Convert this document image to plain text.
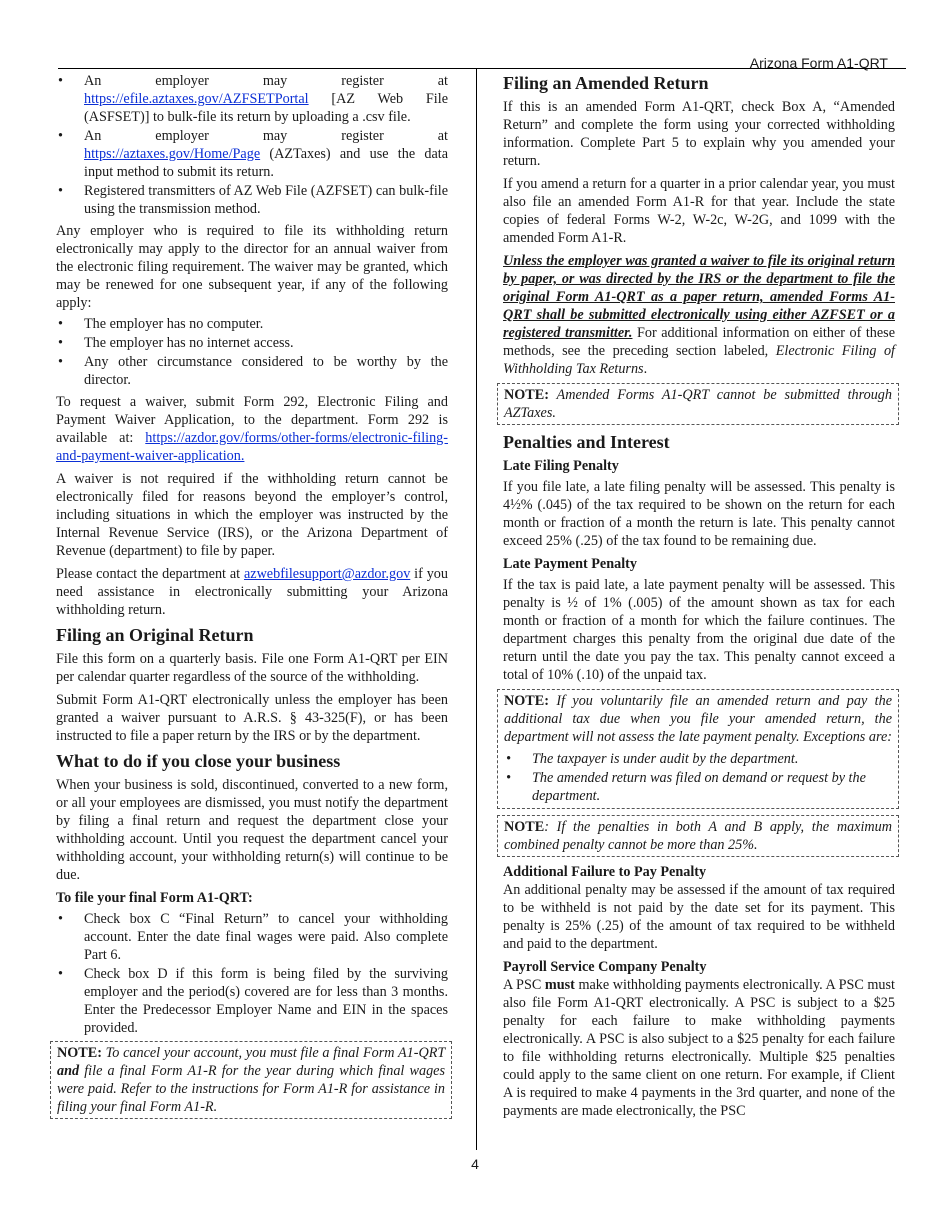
Arizona Form A1-QRT
• An employer may register at https://efile.aztaxes.gov/AZFSETPortal [AZ Web File (ASFSET)] to bulk-file its return by uploading a .csv file.
• An employer may register at https://aztaxes.gov/Home/Page (AZTaxes) and use the data input method to submit its return.
• Registered transmitters of AZ Web File (AZFSET) can bulk-file using the transmission method.

Any employer who is required to file its withholding return electronically may apply to the director for an annual waiver from the electronic filing requirement. The waiver may be granted, which may be renewed for one subsequent year, if any of the following apply:

• The employer has no computer.
• The employer has no internet access.
• Any other circumstance considered to be worthy by the director.

To request a waiver, submit Form 292, Electronic Filing and Payment Waiver Application, to the department. Form 292 is available at: https://azdor.gov/forms/other-forms/electronic-filing-and-payment-waiver-application.

A waiver is not required if the withholding return cannot be electronically filed for reasons beyond the employer’s control, including situations in which the employer was instructed by the Internal Revenue Service (IRS), or the Arizona Department of Revenue (department) to file by paper.

Please contact the department at azwebfilesupport@azdor.gov if you need assistance in electronically submitting your Arizona withholding return.

Filing an Original Return

File this form on a quarterly basis. File one Form A1-QRT per EIN per calendar quarter regardless of the source of the withholding.

Submit Form A1-QRT electronically unless the employer has been granted a waiver pursuant to A.R.S. § 43-325(F), or has been instructed to file a paper return by the IRS or by the department.

What to do if you close your business

When your business is sold, discontinued, converted to a new form, or all your employees are dismissed, you must notify the department by filing a final return and request the department close your withholding account. Until you request the department cancel your withholding account, your withholding return(s) will continue to be due.

To file your final Form A1-QRT:
• Check box C “Final Return” to cancel your withholding account. Enter the date final wages were paid. Also complete Part 6.
• Check box D if this form is being filed by the surviving employer and the period(s) covered are for less than 3 months. Enter the Predecessor Employer Name and EIN in the spaces provided.

NOTE: To cancel your account, you must file a final Form A1-QRT and file a final Form A1-R for the year during which final wages were paid. Refer to the instructions for Form A1-R for assistance in filing your final Form A1-R.

Filing an Amended Return

If this is an amended Form A1-QRT, check Box A, “Amended Return” and complete the form using your corrected withholding information. Complete Part 5 to explain why you amended your return.

If you amend a return for a quarter in a prior calendar year, you must also file an amended Form A1-R for that year. Include the state copies of federal Forms W-2, W-2c, W-2G, and 1099 with the amended Form A1-R.

Unless the employer was granted a waiver to file its original return by paper, or was directed by the IRS or the department to file the original Form A1-QRT as a paper return, amended Forms A1-QRT shall be submitted electronically using either AZFSET or a registered transmitter. For additional information on either of these methods, see the preceding section labeled, Electronic Filing of Withholding Tax Returns.

NOTE: Amended Forms A1-QRT cannot be submitted through AZTaxes.

Penalties and Interest
Late Filing Penalty

If you file late, a late filing penalty will be assessed. This penalty is 4½% (.045) of the tax required to be shown on the return for each month or fraction of a month the return is late. This penalty cannot exceed 25% (.25) of the tax found to be remaining due.

Late Payment Penalty

If the tax is paid late, a late payment penalty will be assessed. This penalty is ½ of 1% (.005) of the amount shown as tax for each month or fraction of a month for which the failure continues. The department charges this penalty from the original due date of the return until the date you pay the tax. This penalty cannot exceed a total of 10% (.10) of the unpaid tax.

NOTE: If you voluntarily file an amended return and pay the additional tax due when you file your amended return, the department will not assess the late payment penalty. Exceptions are:

• The taxpayer is under audit by the department.
• The amended return was filed on demand or request by the department.

NOTE: If the penalties in both A and B apply, the maximum combined penalty cannot be more than 25%.

Additional Failure to Pay Penalty

An additional penalty may be assessed if the amount of tax required to be withheld is not paid by the date set for its payment. This penalty is 25% (.25) of the amount of tax required to be withheld and paid to the department.

Payroll Service Company Penalty

A PSC must make withholding payments electronically. A PSC must also file Form A1-QRT electronically. A PSC is subject to a $25 penalty for each failure to make withholding payments electronically. A PSC is also subject to a $25 penalty for each failure to file withholding returns electronically. Multiple $25 penalties could apply to the same client on one return. For example, if Client A is required to make 4 payments in the 3rd quarter, and none of the payments are made electronically, the PSC

4
